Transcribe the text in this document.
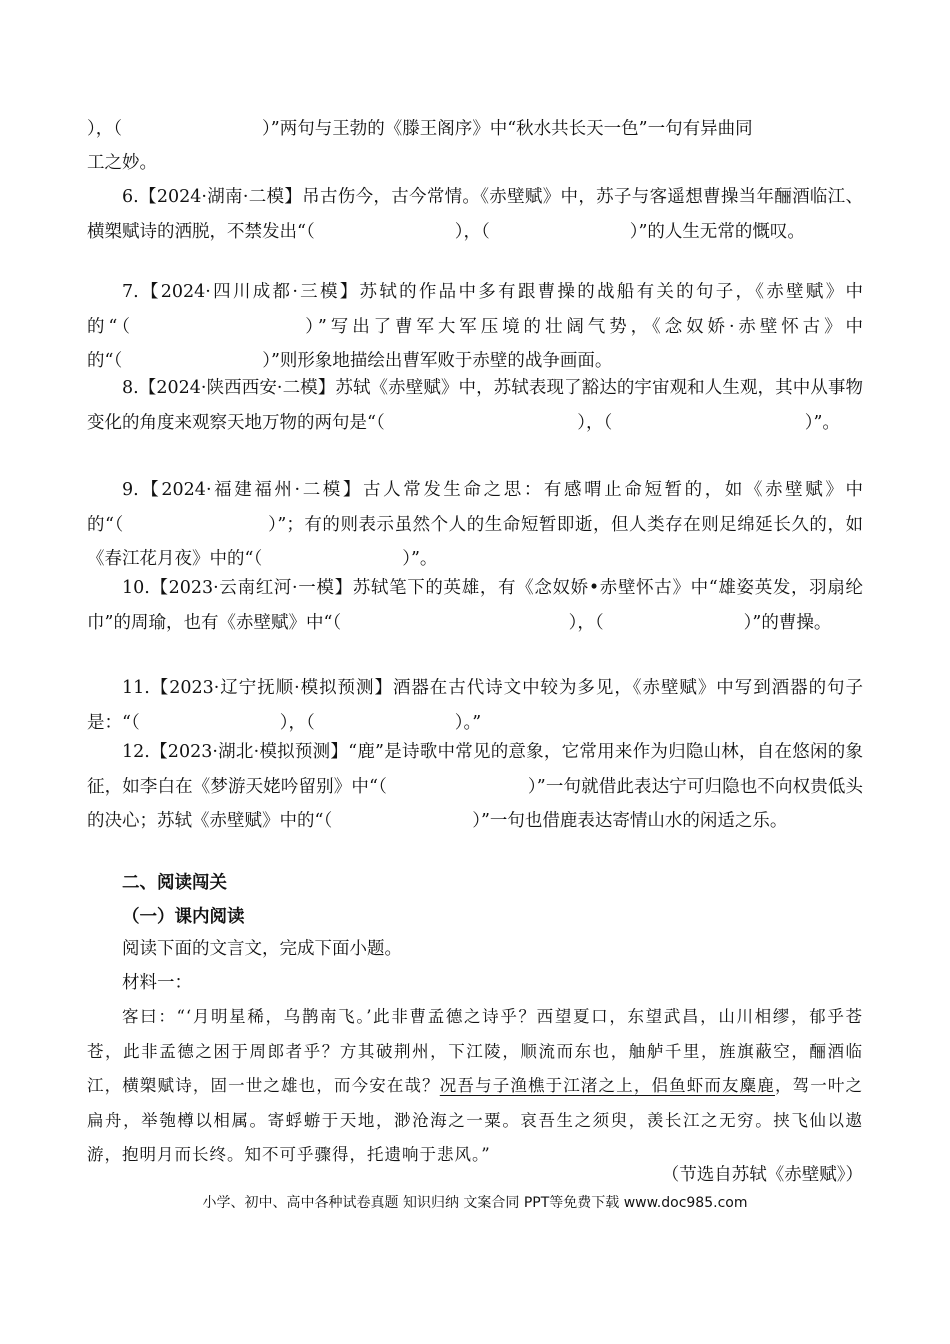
），（　　　　　　　　）”两句与王勃的《滕王阁序》中“秋水共长天一色”一句有异曲同

工之妙。

6.【2024·湖南·二模】吊古伤今，古今常情。《赤壁赋》中，苏子与客遥想曹操当年酾酒临江、横槊赋诗的洒脱，不禁发出“（　　　　　　　　），（　　　　　　　　）”的人生无常的慨叹。

7.【2024·四川成都·三模】苏轼的作品中多有跟曹操的战船有关的句子，《赤壁赋》中的“（　　　　　　　　）”写出了曹军大军压境的壮阔气势，《念奴娇·赤壁怀古》中的“（　　　　　　　　）”则形象地描绘出曹军败于赤壁的战争画面。

8.【2024·陕西西安·二模】苏轼《赤壁赋》中，苏轼表现了豁达的宇宙观和人生观，其中从事物变化的角度来观察天地万物的两句是“（　　　　　　　　　　　），（　　　　　　　　　　　）”。

9.【2024·福建福州·二模】古人常发生命之思：有感喟止命短暂的，如《赤壁赋》中的“（　　　　　　　　）”；有的则表示虽然个人的生命短暂即逝，但人类存在则足绵延长久的，如《春江花月夜》中的“（　　　　　　　　）”。

10.【2023·云南红河·一模】苏轼笔下的英雄，有《念奴娇•赤壁怀古》中“雄姿英发，羽扇纶巾”的周瑜，也有《赤壁赋》中“（　　　　　　　　　　　　　），（　　　　　　　　）”的曹操。

11.【2023·辽宁抚顺·模拟预测】酒器在古代诗文中较为多见，《赤壁赋》中写到酒器的句子是：“（　　　　　　　　），（　　　　　　　　）。”

12.【2023·湖北·模拟预测】“鹿”是诗歌中常见的意象，它常用来作为归隐山林，自在悠闲的象征，如李白在《梦游天姥吟留别》中“（　　　　　　　　）”一句就借此表达宁可归隐也不向权贵低头的决心；苏轼《赤壁赋》中的“（　　　　　　　　）”一句也借鹿表达寄情山水的闲适之乐。

二、阅读闯关

（一）课内阅读

阅读下面的文言文，完成下面小题。

材料一：

客曰：“‘月明星稀，乌鹊南飞。’此非曹孟德之诗乎？西望夏口，东望武昌，山川相缪，郁乎苍苍，此非孟德之困于周郎者乎？方其破荆州，下江陵，顺流而东也，舳舻千里，旌旗蔽空，酾酒临江，横槊赋诗，固一世之雄也，而今安在哉？况吾与子渔樵于江渚之上，侣鱼虾而友麋鹿，驾一叶之扁舟，举匏樽以相属。寄蜉蝣于天地，渺沧海之一粟。哀吾生之须臾，羡长江之无穷。挟飞仙以遨游，抱明月而长终。知不可乎骤得，托遗响于悲风。”

（节选自苏轼《赤壁赋》）

小学、初中、高中各种试卷真题 知识归纳 文案合同 PPT等免费下载 www.doc985.com
